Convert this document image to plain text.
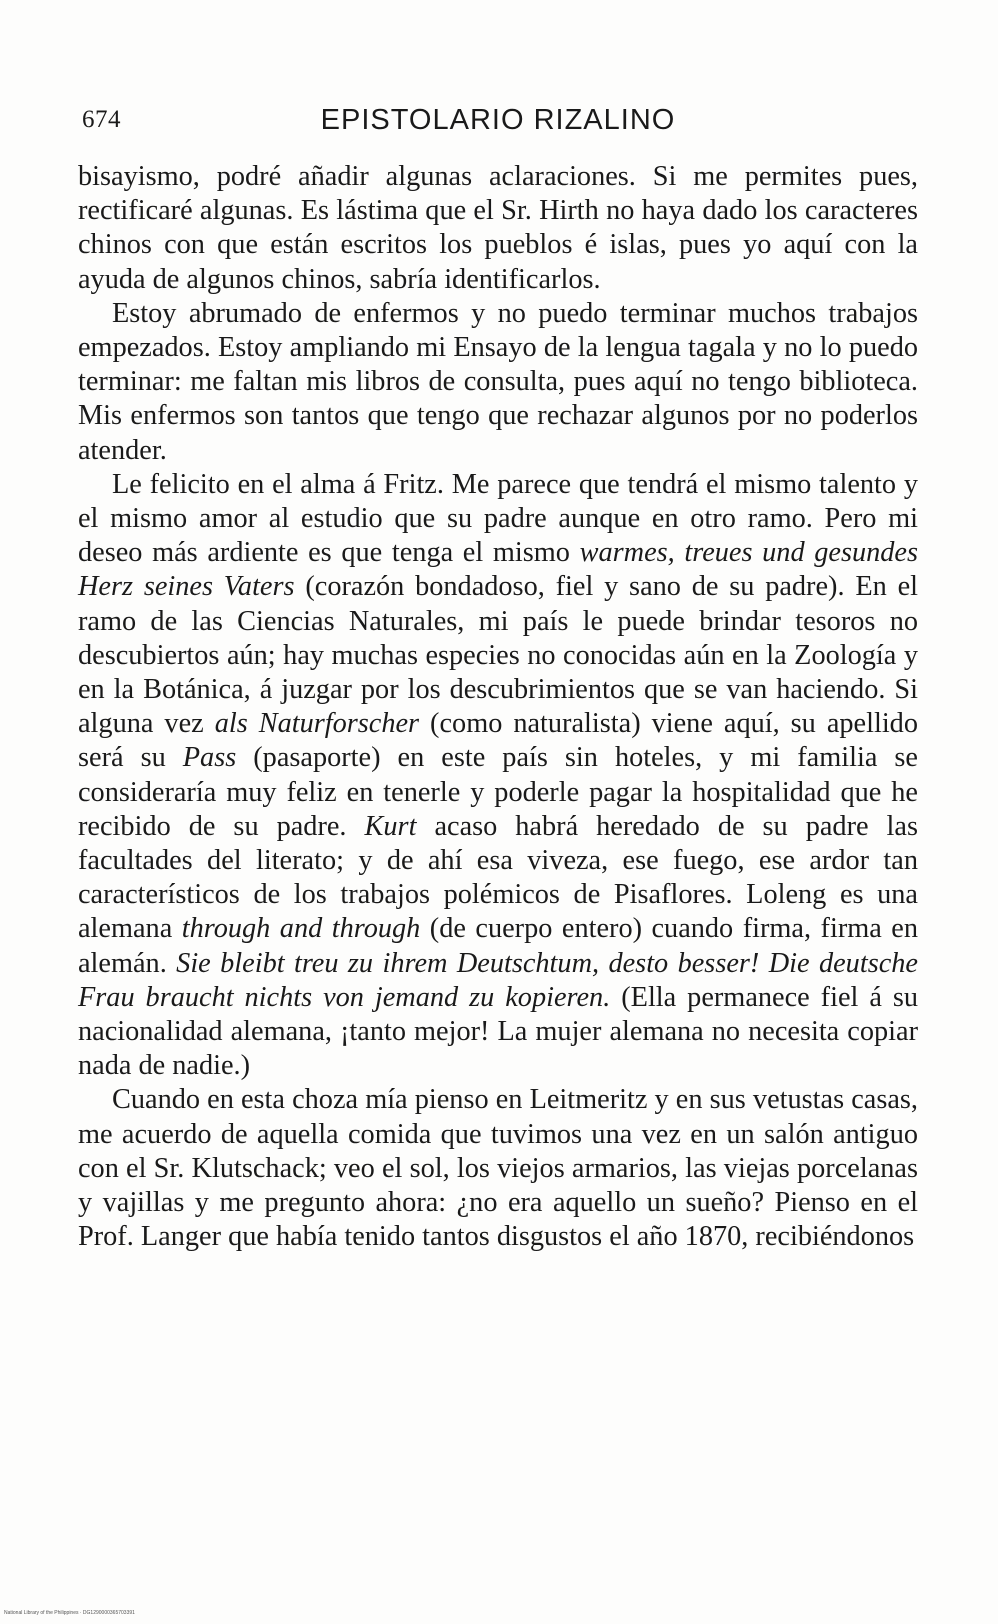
674	EPISTOLARIO RIZALINO

bisayismo, podré añadir algunas aclaraciones. Si me permites pues, rectificaré algunas. Es lástima que el Sr. Hirth no haya dado los caracteres chinos con que están escritos los pueblos é islas, pues yo aquí con la ayuda de algunos chinos, sabría identificarlos.

Estoy abrumado de enfermos y no puedo terminar muchos trabajos empezados. Estoy ampliando mi Ensayo de la lengua tagala y no lo puedo terminar: me faltan mis libros de consulta, pues aquí no tengo biblioteca. Mis enfermos son tantos que tengo que rechazar algunos por no poderlos atender.

Le felicito en el alma á Fritz. Me parece que tendrá el mismo talento y el mismo amor al estudio que su padre aunque en otro ramo. Pero mi deseo más ardiente es que tenga el mismo warmes, treues und gesundes Herz seines Vaters (corazón bondadoso, fiel y sano de su padre). En el ramo de las Ciencias Naturales, mi país le puede brindar tesoros no descubiertos aún; hay muchas especies no conocidas aún en la Zoología y en la Botánica, á juzgar por los descubrimientos que se van haciendo. Si alguna vez als Naturforscher (como naturalista) viene aquí, su apellido será su Pass (pasaporte) en este país sin hoteles, y mi familia se consideraría muy feliz en tenerle y poderle pagar la hospitalidad que he recibido de su padre. Kurt acaso habrá heredado de su padre las facultades del literato; y de ahí esa viveza, ese fuego, ese ardor tan característicos de los trabajos polémicos de Pisaflores. Loleng es una alemana through and through (de cuerpo entero) cuando firma, firma en alemán. Sie bleibt treu zu ihrem Deutschtum, desto besser! Die deutsche Frau braucht nichts von jemand zu kopieren. (Ella permanece fiel á su nacionalidad alemana, ¡tanto mejor! La mujer alemana no necesita copiar nada de nadie.)

Cuando en esta choza mía pienso en Leitmeritz y en sus vetustas casas, me acuerdo de aquella comida que tuvimos una vez en un salón antiguo con el Sr. Klutschack; veo el sol, los viejos armarios, las viejas porcelanas y vajillas y me pregunto ahora: ¿no era aquello un sueño? Pienso en el Prof. Langer que había tenido tantos disgustos el año 1870, recibiéndonos

National Library of the Philippines · DG1290000365703391
